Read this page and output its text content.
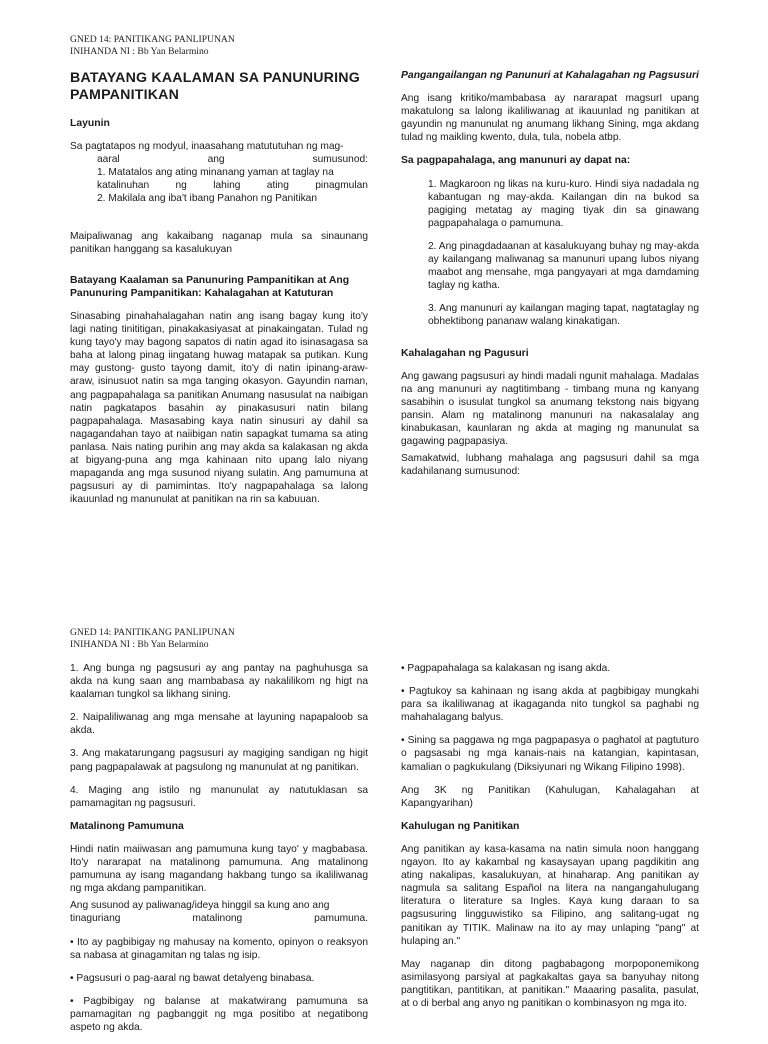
GNED 14: PANITIKANG PANLIPUNAN
INIHANDA NI : Bb Yan Belarmino
BATAYANG KAALAMAN SA PANUNURING PAMPANITIKAN
Layunin
Sa pagtatapos ng modyul, inaasahang matututuhan ng mag-
aaral	ang	sumusunod:
1. Matatalos ang ating minanang yaman at taglay na
katalinuhan	ng	lahing	ating	pinagmulan
2. Makilala ang iba't ibang Panahon ng Panitikan

Maipaliwanag ang kakaibang naganap mula sa sinaunang panitikan hanggang sa kasalukuyan

Batayang Kaalaman sa Panunuring Pampanitikan at Ang Panunuring Pampanitikan: Kahalagahan at Katuturan

Sinasabing pinahahalagahan natin ang isang bagay kung ito'y lagi nating tinititigan, pinakakasiyasat at pinakaingatan. Tulad ng kung tayo'y may bagong sapatos di natin agad ito isinasagasa sa baha at lalong pinag iingatang huwag matapak sa putikan. Kung may gustong- gusto tayong damit, ito'y di natin ipinang-araw-araw, isinusuot natin sa mga tanging okasyon. Gayundin naman, ang pagpapahalaga sa panitikan Anumang nasusulat na naibigan natin pagkatapos basahin ay pinakasusuri natin bilang pagpapahalaga. Masasabing kaya natin sinusuri ay dahil sa nagagandahan tayo at naiibigan natin sapagkat tumama sa ating panlasa. Nais nating purihin ang may akda sa kalakasan ng akda at bigyang-puna ang mga kahinaan nito upang lalo niyang mapaganda ang mga susunod niyang sulatin. Ang pamumuna at pagsusuri ay di pamimintas. Ito'y nagpapahalaga sa lalong ikauunlad ng manunulat at panitikan na rin sa kabuuan.

Pangangailangan ng Panunuri at Kahalagahan ng Pagsusuri

Ang isang kritiko/mambabasa ay nararapat magsurI upang makatulong sa lalong ikaliliwanag at ikauunlad ng panitikan at gayundin ng manunulat ng anumang likhang Sining, mga akdang tulad ng maikling kwento, dula, tula, nobela atbp.

Sa pagpapahalaga, ang manunuri ay dapat na:

1. Magkaroon ng likas na kuru-kuro. Hindi siya nadadala ng kabantugan ng may-akda. Kailangan din na bukod sa pagiging metatag ay maging tiyak din sa ginawang pagpapahalaga o pamumuna.

2. Ang pinagdadaanan at kasalukuyang buhay ng may-akda ay kailangang maliwanag sa manunuri upang lubos niyang maabot ang mensahe, mga pangyayari at mga damdaming taglay ng katha.

3. Ang manunuri ay kailangan maging tapat, nagtataglay ng obhektibong pananaw walang kinakatigan.

Kahalagahan ng Pagusuri

Ang gawang pagsusuri ay hindi madali ngunit mahalaga. Madalas na ang manunuri ay nagtitimbang - timbang muna ng kanyang sasabihin o isusulat tungkol sa anumang tekstong nais bigyang pansin. Alam ng matalinong manunuri na nakasalalay ang kinabukasan, kaunlaran ng akda at maging ng manunulat sa gagawing pagpapasiya.

Samakatwid, lubhang mahalaga ang pagsusuri dahil sa mga kadahilanang sumusunod:

GNED 14: PANITIKANG PANLIPUNAN
INIHANDA NI : Bb Yan Belarmino

1. Ang bunga ng pagsusuri ay ang pantay na paghuhusga sa akda na kung saan ang mambabasa ay nakalilikom ng higt na kaalaman tungkol sa likhang sining.

2. Naipaliliwanag ang mga mensahe at layuning napapaloob sa akda.

3. Ang makatarungang pagsusuri ay magiging sandigan ng higit pang pagpapalawak at pagsulong ng manunulat at ng panitikan.

4. Maging ang istilo ng manunulat ay natutuklasan sa pamamagitan ng pagsusuri.

Matalinong Pamumuna

Hindi natin maiiwasan ang pamumuna kung tayo' y magbabasa. Ito'y nararapat na matalinong pamumuna. Ang matalinong pamumuna ay isang magandang hakbang tungo sa ikaliliwanag ng mga akdang pampanitikan.

Ang susunod ay paliwanag/ideya hinggil sa kung ano ang
tinaguriang	matalinong	pamumuna.

• Ito ay pagbibigay ng mahusay na komento, opinyon o reaksyon sa nabasa at ginagamitan ng talas ng isip.

• Pagsusuri o pag-aaral ng bawat detalyeng binabasa.

• Pagbibigay ng balanse at makatwirang pamumuna sa pamamagitan ng pagbanggit ng mga positibo at negatibong aspeto ng akda.

• Pagpapahalaga sa kalakasan ng isang akda.

• Pagtukoy sa kahinaan ng isang akda at pagbibigay mungkahi para sa ikaliliwanag at ikagaganda nito tungkol sa paghabi ng mahahalagang balyus.

• Sining sa paggawa ng mga pagpapasya o paghatol at pagtuturo o pagsasabi ng mga kanais-nais na katangian, kapintasan, kamalian o pagkukulang (Diksiyunari ng Wikang Filipino 1998).

Ang 3K ng Panitikan (Kahulugan, Kahalagahan at Kapangyarihan)

Kahulugan ng Panitikan

Ang panitikan ay kasa-kasama na natin simula noon hanggang ngayon. Ito ay kakambal ng kasaysayan upang pagdikitin ang ating nakalipas, kasalukuyan, at hinaharap. Ang panitikan ay nagmula sa salitang Español na litera na nangangahulugang literatura o literature sa Ingles. Kaya kung daraan to sa pagsusuring lingguwistiko sa Filipino, ang salitang-ugat ng panitikan ay TITIK. Malinaw na ito ay may unlaping "pang" at hulaping an."

May naganap din ditong pagbabagong morpoponemikong asimilasyong parsiyal at pagkakaltas gaya sa banyuhay nitong pangtitikan, pantitikan, at panitikan." Maaaring pasalita, pasulat, at o di berbal ang anyo ng panitikan o kombinasyon ng mga ito.
